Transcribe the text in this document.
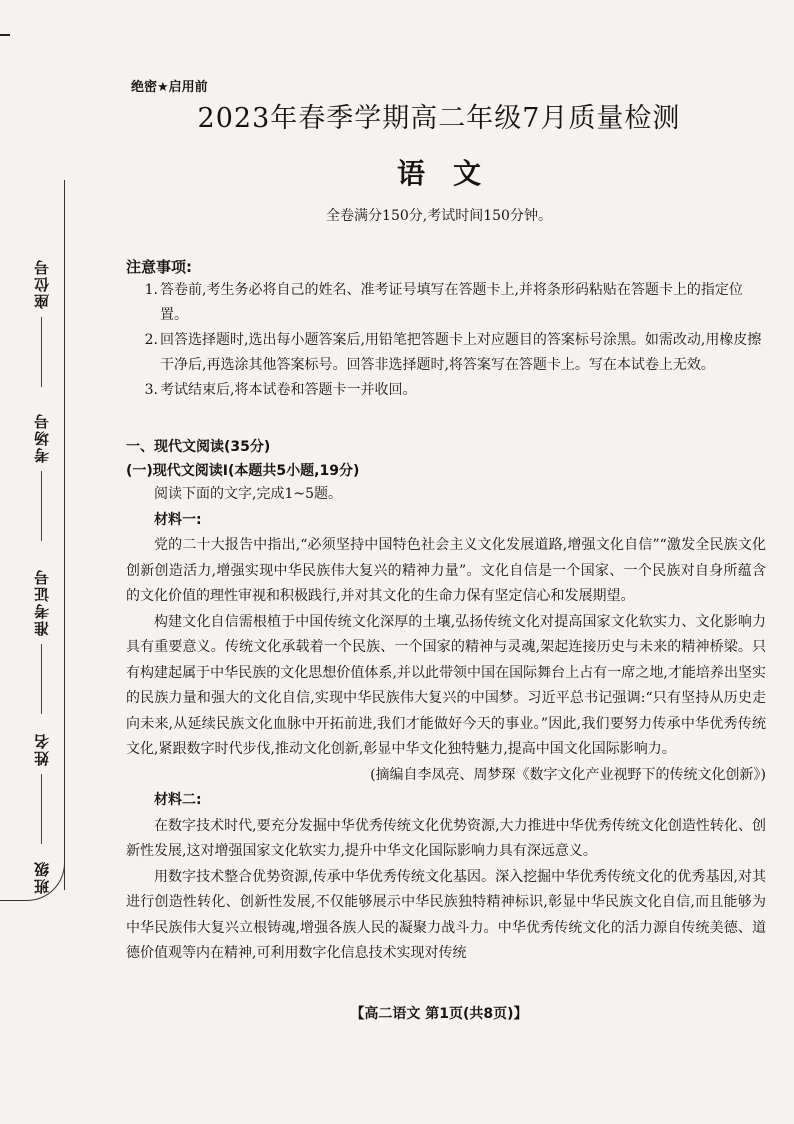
座位号
考场号
准考证号
姓名
班级
绝密★启用前
2023年春季学期高二年级7月质量检测
语文
全卷满分150分,考试时间150分钟。
注意事项:
1. 答卷前,考生务必将自己的姓名、准考证号填写在答题卡上,并将条形码粘贴在答题卡上的指定位置。
2. 回答选择题时,选出每小题答案后,用铅笔把答题卡上对应题目的答案标号涂黑。如需改动,用橡皮擦干净后,再选涂其他答案标号。回答非选择题时,将答案写在答题卡上。写在本试卷上无效。
3. 考试结束后,将本试卷和答题卡一并收回。
一、现代文阅读(35分)
(一)现代文阅读Ⅰ(本题共5小题,19分)
阅读下面的文字,完成1~5题。
材料一:
党的二十大报告中指出,“必须坚持中国特色社会主义文化发展道路,增强文化自信”“激发全民族文化创新创造活力,增强实现中华民族伟大复兴的精神力量”。文化自信是一个国家、一个民族对自身所蕴含的文化价值的理性审视和积极践行,并对其文化的生命力保有坚定信心和发展期望。
构建文化自信需根植于中国传统文化深厚的土壤,弘扬传统文化对提高国家文化软实力、文化影响力具有重要意义。传统文化承载着一个民族、一个国家的精神与灵魂,架起连接历史与未来的精神桥梁。只有构建起属于中华民族的文化思想价值体系,并以此带领中国在国际舞台上占有一席之地,才能培养出坚实的民族力量和强大的文化自信,实现中华民族伟大复兴的中国梦。习近平总书记强调:“只有坚持从历史走向未来,从延续民族文化血脉中开拓前进,我们才能做好今天的事业。”因此,我们要努力传承中华优秀传统文化,紧跟数字时代步伐,推动文化创新,彰显中华文化独特魅力,提高中国文化国际影响力。
(摘编自李凤亮、周梦琛《数字文化产业视野下的传统文化创新》)
材料二:
在数字技术时代,要充分发掘中华优秀传统文化优势资源,大力推进中华优秀传统文化创造性转化、创新性发展,这对增强国家文化软实力,提升中华文化国际影响力具有深远意义。
用数字技术整合优势资源,传承中华优秀传统文化基因。深入挖掘中华优秀传统文化的优秀基因,对其进行创造性转化、创新性发展,不仅能够展示中华民族独特精神标识,彰显中华民族文化自信,而且能够为中华民族伟大复兴立根铸魂,增强各族人民的凝聚力战斗力。中华优秀传统文化的活力源自传统美德、道德价值观等内在精神,可利用数字化信息技术实现对传统
【高二语文 第1页(共8页)】
